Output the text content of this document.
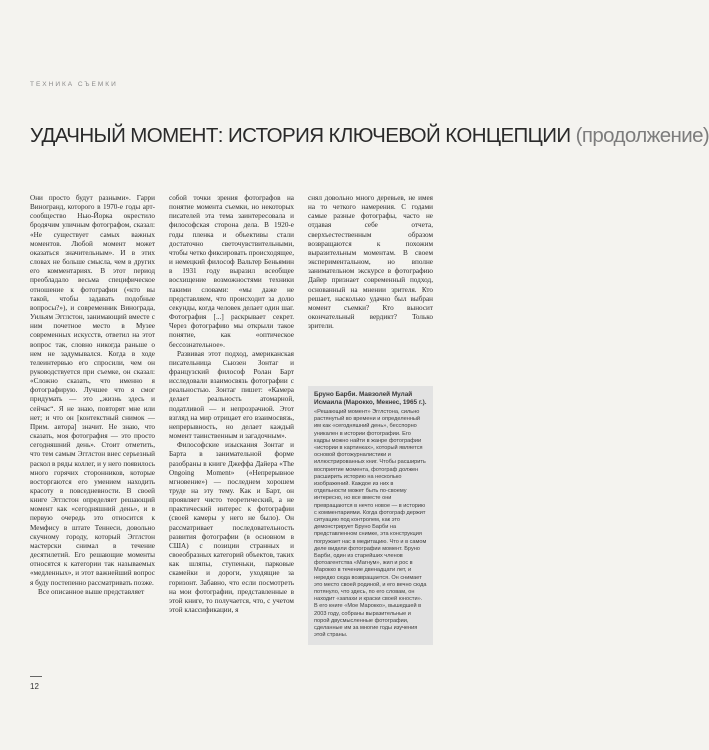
ТЕХНИКА СЪЕМКИ
УДАЧНЫЙ МОМЕНТ: ИСТОРИЯ КЛЮЧЕВОЙ КОНЦЕПЦИИ (продолжение)

Они просто будут разными». Гарри Виногранд, которого в 1970-е годы арт-сообщество Нью-Йорка окрестило бродячим уличным фотографом, сказал: «Не существует самых важных моментов. Любой момент может оказаться значительным». И в этих словах не больше смысла, чем в других его комментариях. В этот период преобладало весьма специфическое отношение к фотографии («кто вы такой, чтобы задавать подобные вопросы?»), и современник Винограда, Уильям Эгглстон, занимающий вместе с ним почетное место в Музее современных искусств, ответил на этот вопрос так, словно никогда раньше о нем не задумывался. Когда в ходе телеинтервью его спросили, чем он руководствуется при съемке, он сказал: «Сложно сказать, что именно я фотографирую. Лучшее что я смог придумать — это „жизнь здесь и сейчас“. Я не знаю, повторят мне или нет; и что он [контекстный снимок — Прим. автора] значит. Не знаю, что сказать, моя фотография — это просто сегодняшний день». Стоит отметить, что тем самым Эгглстон внес серьезный раскол в ряды коллег, и у него появилось много горячих сторонников, которые восторгаются его умением находить красоту в повседневности. В своей книге Эгглстон определяет решающий момент как «сегодняшний день», и в первую очередь это относится к Мемфису в штате Теннеси, довольно скучному городу, который Эгглстон мастерски снимал в течение десятилетий. Его решающие моменты относятся к категории так называемых «медленных», и этот важнейший вопрос я буду постепенно рассматривать позже.

Все описанное выше представляет

собой точки зрения фотографов на понятие момента съемки, но некоторых писателей эта тема заинтересовала и философская сторона дела. В 1920-е годы пленка и объективы стали достаточно светочувствительными, чтобы четко фиксировать происходящее, и немецкий философ Вальтер Беньямин в 1931 году выразил всеобщее восхищение возможностями техники такими словами: «мы даже не представляем, что происходит за долю секунды, когда человек делает один шаг. Фотография [...] раскрывает секрет. Через фотографию мы открыли такое понятие, как «оптическое бессознательное».

Развивая этот подход, американская писательница Сьюзен Зонтаг и французский философ Ролан Барт исследовали взаимосвязь фотографии с реальностью. Зонтаг пишет: «Камера делает реальность атомарной, податливой — и непрозрачной. Этот взгляд на мир отрицает его взаимосвязь, непрерывность, но делает каждый момент таинственным и загадочным».

Философские изыскания Зонтаг и Барта в занимательной форме разобраны в книге Джеффа Дайера «The Ongoing Moment» («Непрерывное мгновение») — последнем хорошем труде на эту тему. Как и Барт, он проявляет чисто теоретический, а не практический интерес к фотографии (своей камеры у него не было). Он рассматривает последовательность развития фотографии (в основном в США) с позиции странных и своеобразных категорий объектов, таких как шляпы, ступеньки, парковые скамейки и дороги, уходящие за горизонт. Забавно, что если посмотреть на мои фотографии, представленные в этой книге, то получается, что, с учетом этой классификации, я

снял довольно много деревьев, не имея на то четкого намерения. С годами самые разные фотографы, часто не отдавая себе отчета, сверхъестественным образом возвращаются к похожим выразительным моментам. В своем экспериментальном, но вполне занимательном экскурсе в фотографию Дайер признает современный подход, основанный на мнении зрителя. Кто решает, насколько удачно был выбран момент съемки? Кто выносит окончательный вердикт? Только зрители.

Бруно Барби. Мавзолей Мулай Исмаила (Марокко, Мекнес, 1965 г.).
«Решающий момент» Эгглстона, сильно растянутый во времени и определенный им как «сегодняшний день», бесспорно уникален в истории фотографии. Его кадры можно найти в жанре фотографии «истории в картинках», который является основой фотожурналистики и иллюстрированных книг. Чтобы расширить восприятие момента, фотограф должен расширить историю на несколько изображений. Каждое из них в отдельности может быть по-своему интересно, но все вместе они превращаются в нечто новое — в историю с комментариями. Когда фотограф держит ситуацию под контролем, как это демонстрирует Бруно Барби на представленном снимке, эта конструкция погружает нас в медитацию. Что и в самом деле видели фотографии момент. Бруно Барби, один из старейших членов фотоагентства «Магнум», жил и рос в Марокко в течение двенадцати лет, и нередко сюда возвращается. Он снимает это место своей родиной, и его вечно сюда потянуло, что здесь, по его словам, он находит «запахи и краски своей юности». В его книге «Мое Марокко», вышедшей в 2003 году, собраны выразительные и порой двусмысленные фотографии, сделанные им за многие годы изучения этой страны.
12
